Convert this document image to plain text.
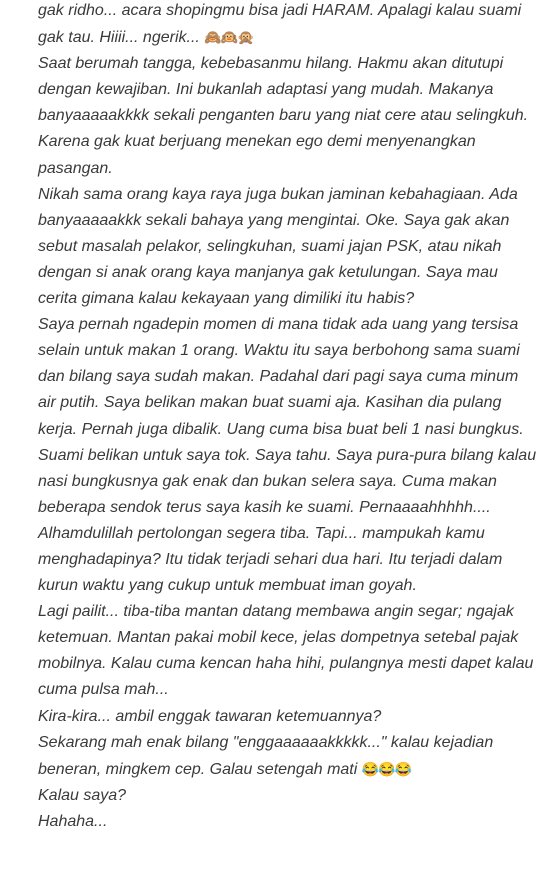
gak ridho... acara shopingmu bisa jadi HARAM. Apalagi kalau suami gak tau. Hiiii... ngerik... 🙈🙉🙊

Saat berumah tangga, kebebasanmu hilang. Hakmu akan ditutupi dengan kewajiban. Ini bukanlah adaptasi yang mudah. Makanya banyaaaaakkkk sekali penganten baru yang niat cere atau selingkuh. Karena gak kuat berjuang menekan ego demi menyenangkan pasangan.

Nikah sama orang kaya raya juga bukan jaminan kebahagiaan. Ada banyaaaaakkk sekali bahaya yang mengintai. Oke. Saya gak akan sebut masalah pelakor, selingkuhan, suami jajan PSK, atau nikah dengan si anak orang kaya manjanya gak ketulungan. Saya mau cerita gimana kalau kekayaan yang dimiliki itu habis?

Saya pernah ngadepin momen di mana tidak ada uang yang tersisa selain untuk makan 1 orang. Waktu itu saya berbohong sama suami dan bilang saya sudah makan. Padahal dari pagi saya cuma minum air putih. Saya belikan makan buat suami aja. Kasihan dia pulang kerja. Pernah juga dibalik. Uang cuma bisa buat beli 1 nasi bungkus. Suami belikan untuk saya tok. Saya tahu. Saya pura-pura bilang kalau nasi bungkusnya gak enak dan bukan selera saya. Cuma makan beberapa sendok terus saya kasih ke suami. Pernaaaahhhhh....

Alhamdulillah pertolongan segera tiba. Tapi... mampukah kamu menghadapinya? Itu tidak terjadi sehari dua hari. Itu terjadi dalam kurun waktu yang cukup untuk membuat iman goyah.

Lagi pailit... tiba-tiba mantan datang membawa angin segar; ngajak ketemuan. Mantan pakai mobil kece, jelas dompetnya setebal pajak mobilnya. Kalau cuma kencan haha hihi, pulangnya mesti dapet kalau cuma pulsa mah...

Kira-kira... ambil enggak tawaran ketemuannya?

Sekarang mah enak bilang "enggaaaaaakkkkk..." kalau kejadian beneran, mingkem cep. Galau setengah mati 😂😂😂

Kalau saya?

Hahaha...
